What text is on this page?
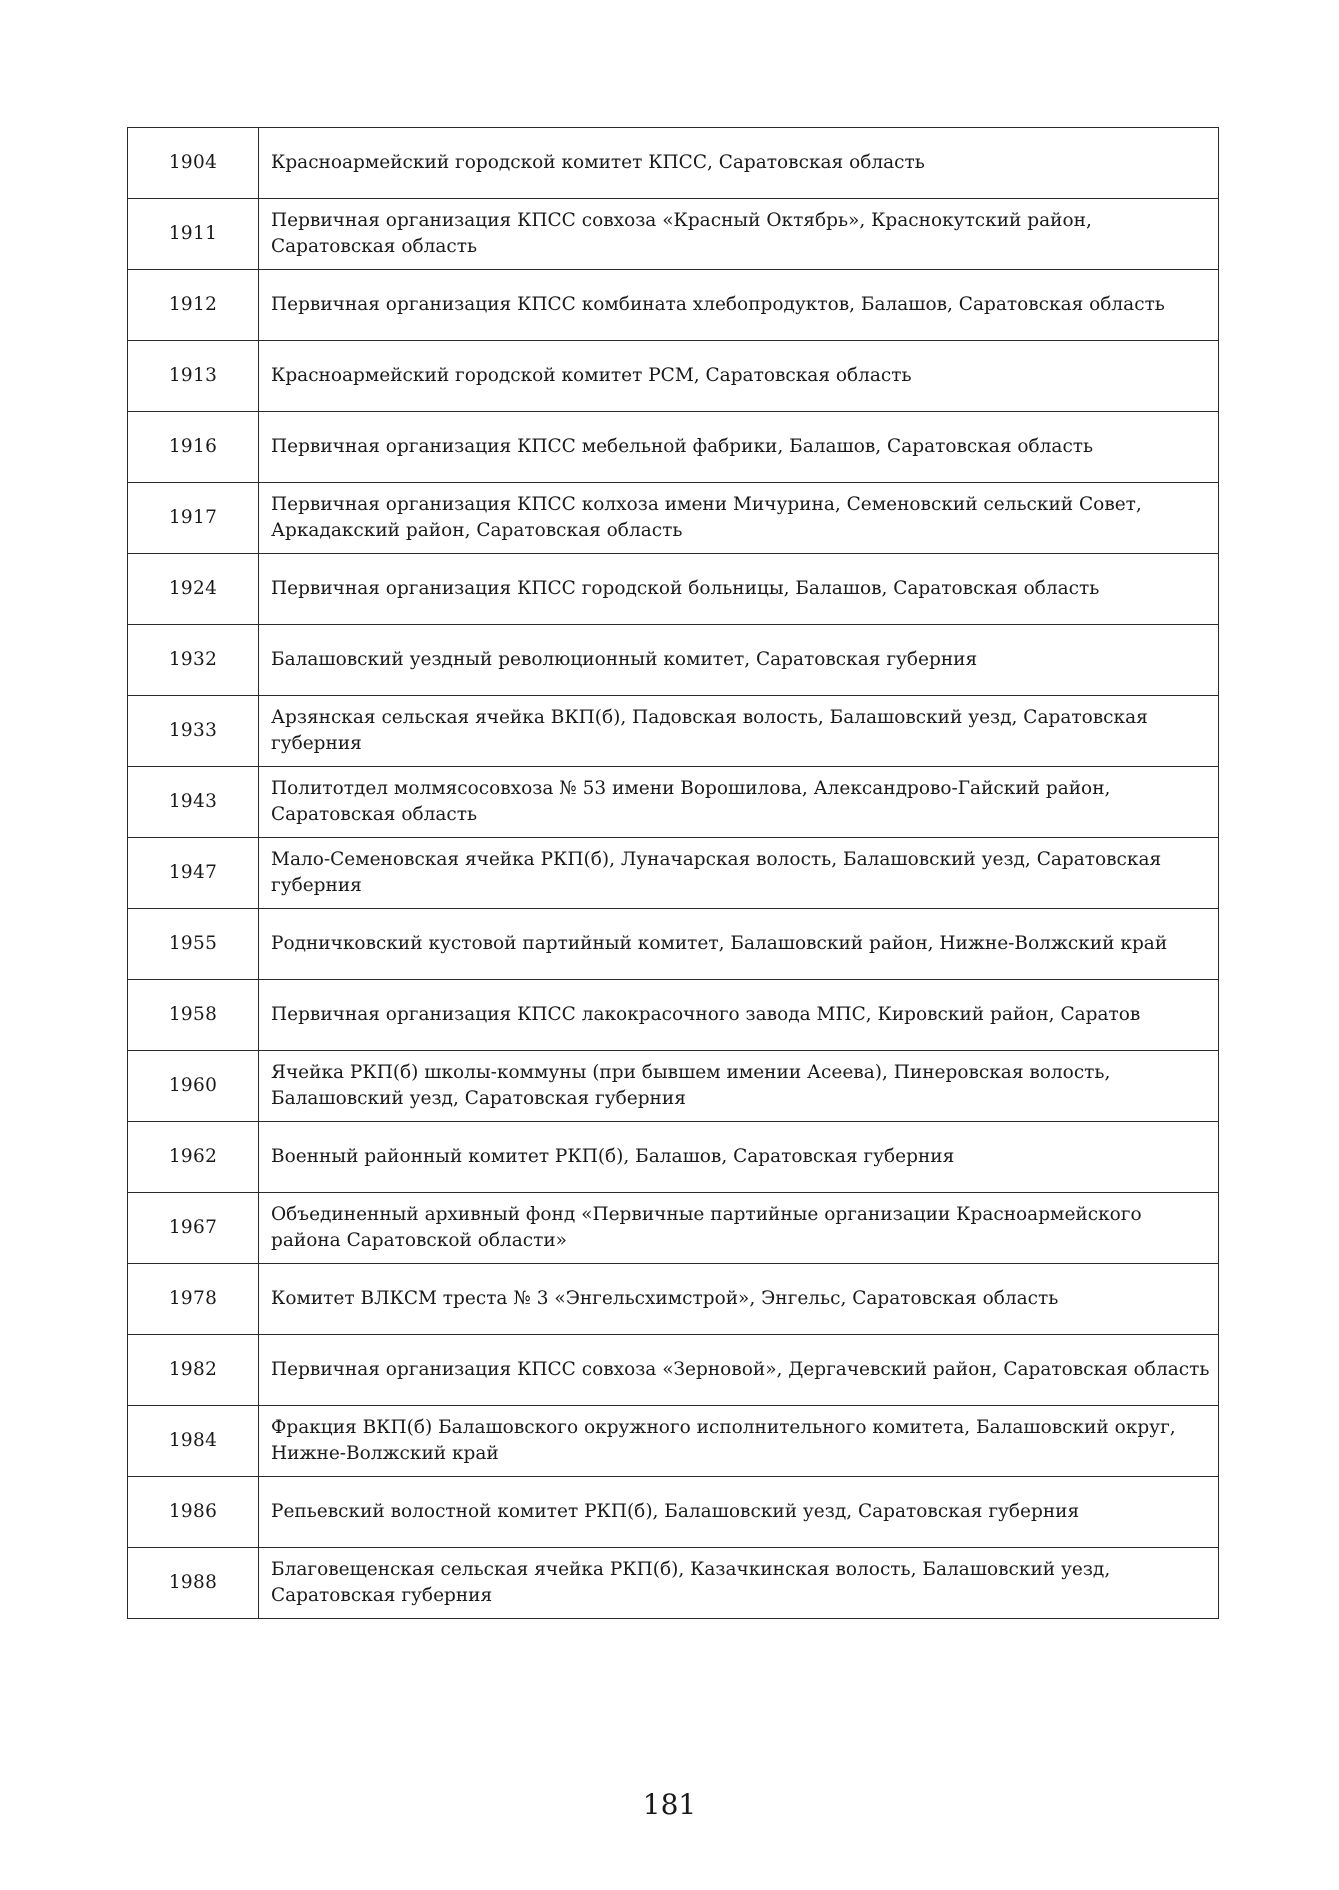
1904	Красноармейский городской комитет КПСС, Саратовская область
1911	Первичная организация КПСС совхоза «Красный Октябрь», Краснокутский район, Саратовская область
1912	Первичная организация КПСС комбината хлебопродуктов, Балашов, Саратовская область
1913	Красноармейский городской комитет РСМ, Саратовская область
1916	Первичная организация КПСС мебельной фабрики, Балашов, Саратовская область
1917	Первичная организация КПСС колхоза имени Мичурина, Семеновский сельский Совет, Аркадакский район, Саратовская область
1924	Первичная организация КПСС городской больницы, Балашов, Саратовская область
1932	Балашовский уездный революционный комитет, Саратовская губерния
1933	Арзянская сельская ячейка ВКП(б), Падовская волость, Балашовский уезд, Саратовская губерния
1943	Политотдел молмясосовхоза № 53 имени Ворошилова, Александрово-Гайский район, Саратовская область
1947	Мало-Семеновская ячейка РКП(б), Луначарская волость, Балашовский уезд, Саратовская губерния
1955	Родничковский кустовой партийный комитет, Балашовский район, Нижне-Волжский край
1958	Первичная организация КПСС лакокрасочного завода МПС, Кировский район, Саратов
1960	Ячейка РКП(б) школы-коммуны (при бывшем имении Асеева), Пинеровская волость, Балашовский уезд, Саратовская губерния
1962	Военный районный комитет РКП(б), Балашов, Саратовская губерния
1967	Объединенный архивный фонд «Первичные партийные организации Красноармейского района Саратовской области»
1978	Комитет ВЛКСМ треста № 3 «Энгельсхимстрой», Энгельс, Саратовская область
1982	Первичная организация КПСС совхоза «Зерновой», Дергачевский район, Саратовская область
1984	Фракция ВКП(б) Балашовского окружного исполнительного комитета, Балашовский округ, Нижне-Волжский край
1986	Репьевский волостной комитет РКП(б), Балашовский уезд, Саратовская губерния
1988	Благовещенская сельская ячейка РКП(б), Казачкинская волость, Балашовский уезд, Саратовская губерния
181
